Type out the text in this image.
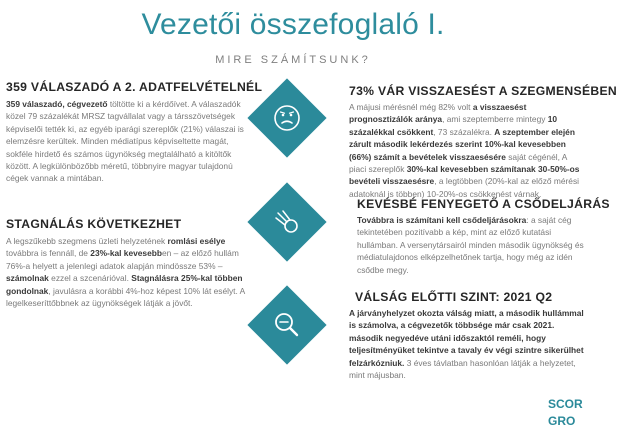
Vezetői összefoglaló I.
MIRE SZÁMÍTSUNK?
359 VÁLASZADÓ A 2. ADATFELVÉTELNÉL
359 válaszadó, cégvezető töltötte ki a kérdőívet. A válaszadók közel 79 százalékát MRSZ tagvállalat vagy a társszövetségek képviselői tették ki, az egyéb iparági szereplők (21%) válaszai is elemzésre kerültek. Minden médiatípus képviseltette magát, sokféle hirdető és számos ügynökség megtalálható a kitöltők között. A legkülönbözőbb méretű, többnyire magyar tulajdonú cégek vannak a mintában.
STAGNÁLÁS KÖVETKEZHET
A legszűkebb szegmens üzleti helyzetének romlási esélye továbbra is fennáll, de 23%-kal kevesebben – az előző hullám 76%-a helyett a jelenlegi adatok alapján mindössze 53% – számolnak ezzel a szcenárióval. Stagnálásra 25%-kal többen gondolnak, javulásra a korábbi 4%-hoz képest 10% lát esélyt. A legelkeseríttőbbnek az ügynökségek látják a jövőt.
73% VÁR VISSZAESÉST A SZEGMENSÉBEN
A májusi mérésnél még 82% volt a visszaesést prognosztizálók aránya, ami szeptemberre mintegy 10 százalékkal csökkent, 73 százalékra. A szeptember elején zárult második lekérdezés szerint 10%-kal kevesebben (66%) számít a bevételek visszaesésére saját cégénél, A piaci szereplők 30%-kal kevesebben számítanak 30-50%-os bevételi visszaesésre, a legtöbben (20%-kal az előző mérési adatoknál is többen) 10-20%-os csökkenést várnak.
KEVÉSBÉ FENYEGETŐ A CSŐDELJÁRÁS
Továbbra is számítani kell csődeljárásokra: a saját cég tekintetében pozitívabb a kép, mint az előző kutatási hullámban. A versenytársairól minden második ügynökség és médiatulajdonos elképzelhetőnek tartja, hogy még az idén csődbe megy.
VÁLSÁG ELŐTTI SZINT: 2021 Q2
A járványhelyzet okozta válság miatt, a második hullámmal is számolva, a cégvezetők többsége már csak 2021. második negyedéve utáni időszaktól reméli, hogy teljesítményüket tekintve a tavaly év végi szintre sikerülhet felzárkózniuk. 3 éves távlatban hasonlóan látják a helyzetet, mint májusban.
SCOR
GRO
